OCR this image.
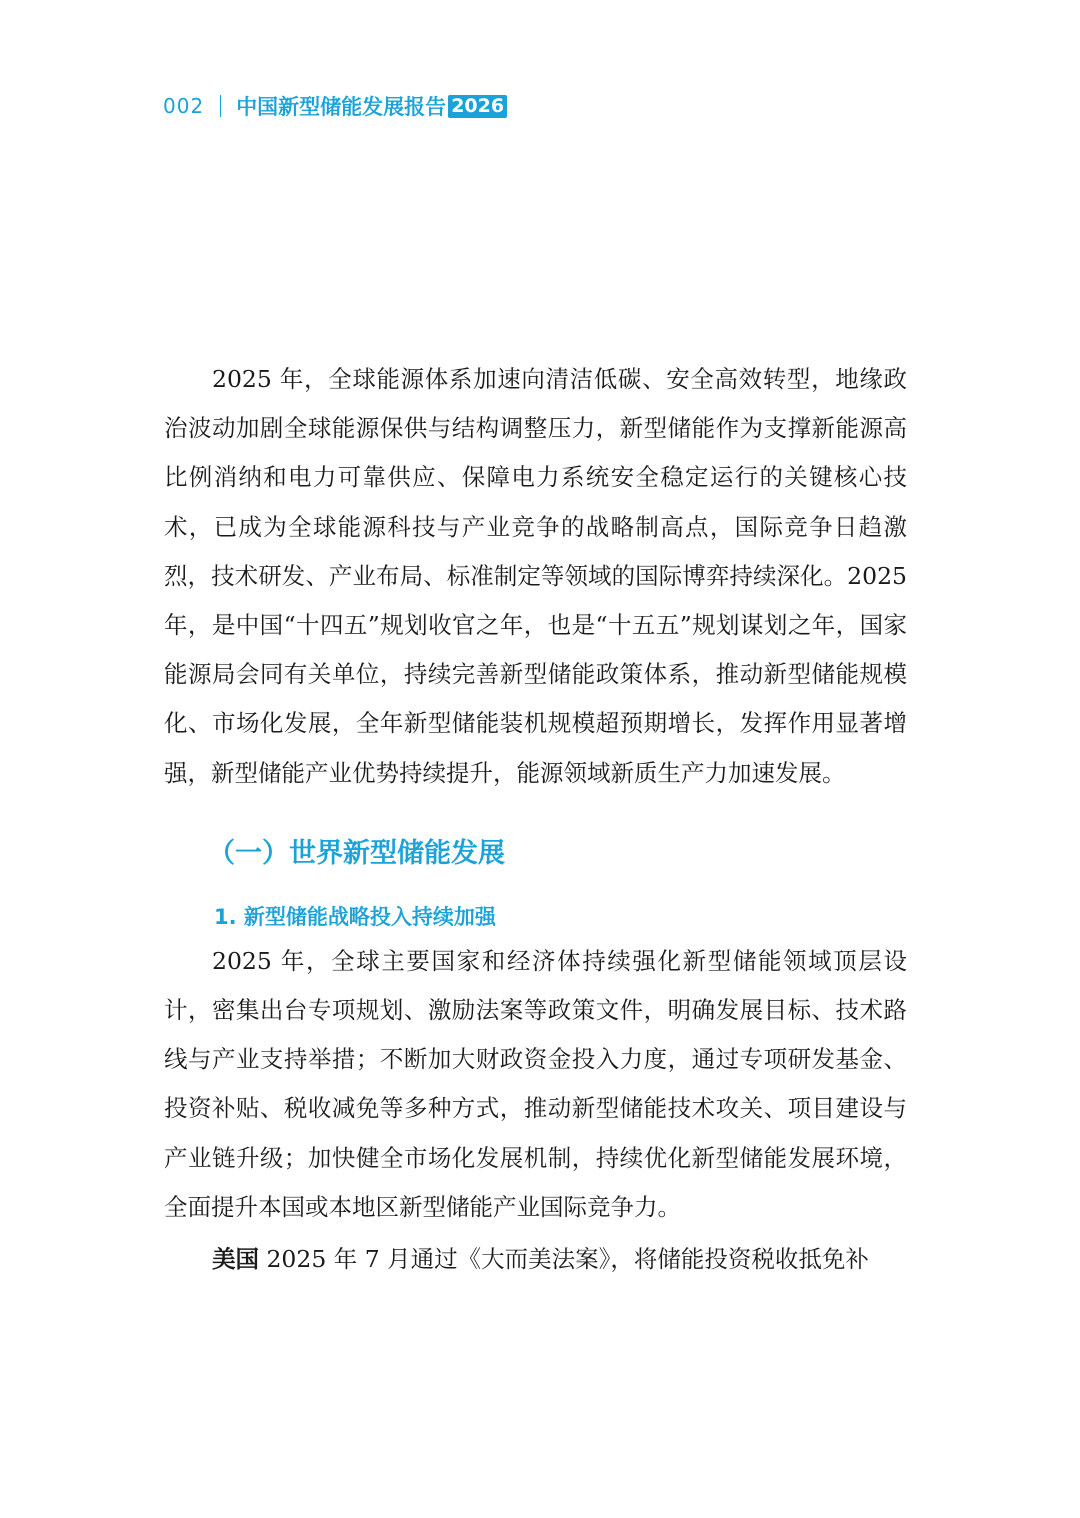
002 中国新型储能发展报告 2026

2025 年，全球能源体系加速向清洁低碳、安全高效转型，地缘政治波动加剧全球能源保供与结构调整压力，新型储能作为支撑新能源高比例消纳和电力可靠供应、保障电力系统安全稳定运行的关键核心技术，已成为全球能源科技与产业竞争的战略制高点，国际竞争日趋激烈，技术研发、产业布局、标准制定等领域的国际博弈持续深化。2025 年，是中国“十四五”规划收官之年，也是“十五五”规划谋划之年，国家能源局会同有关单位，持续完善新型储能政策体系，推动新型储能规模化、市场化发展，全年新型储能装机规模超预期增长，发挥作用显著增强，新型储能产业优势持续提升，能源领域新质生产力加速发展。

（一）世界新型储能发展
1. 新型储能战略投入持续加强

2025 年，全球主要国家和经济体持续强化新型储能领域顶层设计，密集出台专项规划、激励法案等政策文件，明确发展目标、技术路线与产业支持举措；不断加大财政资金投入力度，通过专项研发基金、投资补贴、税收减免等多种方式，推动新型储能技术攻关、项目建设与产业链升级；加快健全市场化发展机制，持续优化新型储能发展环境，全面提升本国或本地区新型储能产业国际竞争力。

美国 2025 年 7 月通过《大而美法案》，将储能投资税收抵免补
